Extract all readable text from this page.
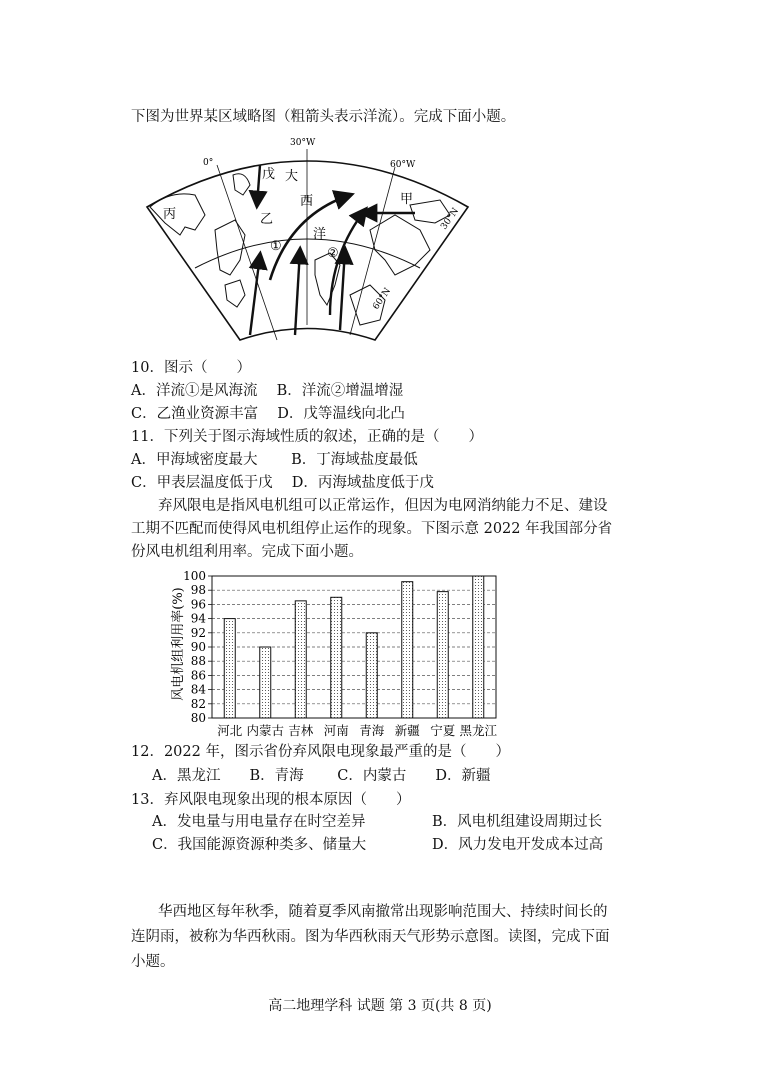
下图为世界某区域略图（粗箭头表示洋流）。完成下面小题。
30°W
0°	60°W
30°N
60°N
戊 大
西
洋
甲
乙
丙
①	②
10．图示（　　）
A．洋流①是风海流　 B．洋流②增温增湿
C．乙渔业资源丰富　 D．戊等温线向北凸
11．下列关于图示海域性质的叙述，正确的是（　　）
A．甲海域密度最大　　 B．丁海域盐度最低
C．甲表层温度低于戊　 D．丙海域盐度低于戊
弃风限电是指风电机组可以正常运作，但因为电网消纳能力不足、建设
工期不匹配而使得风电机组停止运作的现象。下图示意 2022 年我国部分省
份风电机组利用率。完成下面小题。
风电机组利用率(%)
80
82
84
86
88
90
92
94
96
98
100
河北 内蒙古 吉林 河南 青海 新疆 宁夏 黑龙江
12．2022 年，图示省份弃风限电现象最严重的是（　　）
A．黑龙江　　B．青海　　 C．内蒙古　　D．新疆
13．弃风限电现象出现的根本原因（　　）
A．发电量与用电量存在时空差异	B．风电机组建设周期过长
C．我国能源资源种类多、储量大	D．风力发电开发成本过高
华西地区每年秋季，随着夏季风南撤常出现影响范围大、持续时间长的
连阴雨，被称为华西秋雨。图为华西秋雨天气形势示意图。读图，完成下面
小题。
高二地理学科 试题 第 3 页(共 8 页)
